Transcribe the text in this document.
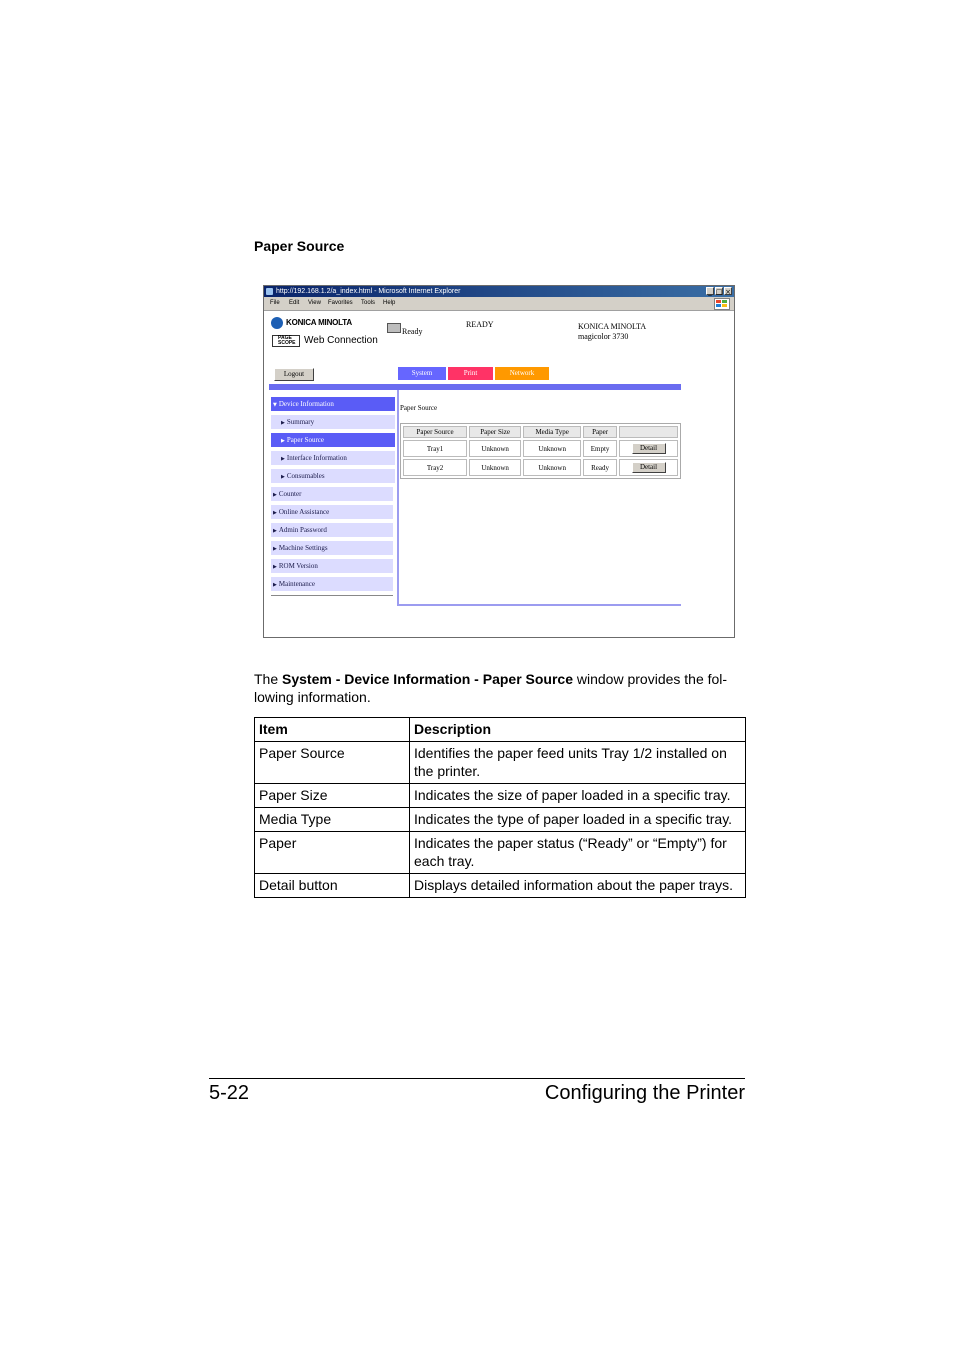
Paper Source
http://192.168.1.2/a_index.html - Microsoft Internet Explorer	_ □ ×
File Edit View Favorites Tools Help
KONICA MINOLTA
PAGE SCOPE Web Connection
Ready
READY	KONICA MINOLTA
magicolor 3730
Logout	System	Print	Network
▼ Device Information
▶ Summary
▶ Paper Source
▶ Interface Information
▶ Consumables
▶ Counter
▶ Online Assistance
▶ Admin Password
▶ Machine Settings
▶ ROM Version
▶ Maintenance
Paper Source
Paper Source	Paper Size	Media Type	Paper	
Tray1	Unknown	Unknown	Empty	Detail
Tray2	Unknown	Unknown	Ready	Detail
The System - Device Information - Paper Source window provides the fol-lowing information.
Item	Description
Paper Source	Identifies the paper feed units Tray 1/2 installed on the printer.
Paper Size	Indicates the size of paper loaded in a specific tray.
Media Type	Indicates the type of paper loaded in a specific tray.
Paper	Indicates the paper status (“Ready” or “Empty”) for each tray.
Detail button	Displays detailed information about the paper trays.
5-22	Configuring the Printer
